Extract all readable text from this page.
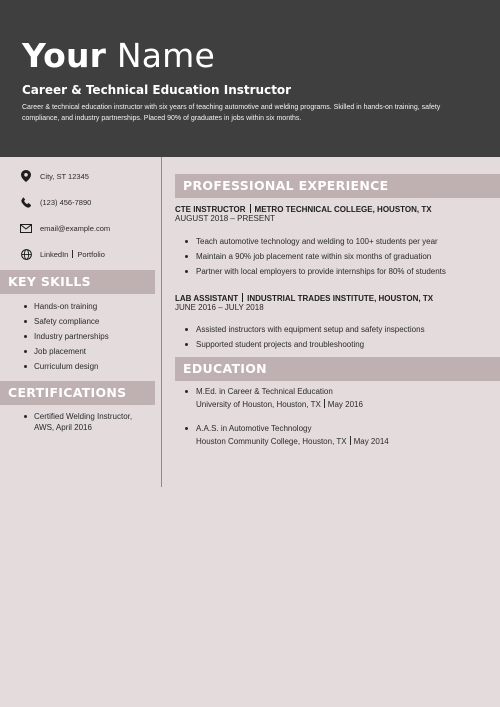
Your Name
Career & Technical Education Instructor
Career & technical education instructor with six years of teaching automotive and welding programs. Skilled in hands-on training, safety compliance, and industry partnerships. Placed 90% of graduates in jobs within six months.
City, ST 12345
(123) 456-7890
email@example.com
LinkedIn Portfolio
KEY SKILLS
Hands-on training
Safety compliance
Industry partnerships
Job placement
Curriculum design
CERTIFICATIONS
Certified Welding Instructor, AWS, April 2016
PROFESSIONAL EXPERIENCE
CTE INSTRUCTOR METRO TECHNICAL COLLEGE, HOUSTON, TX
AUGUST 2018 – PRESENT
Teach automotive technology and welding to 100+ students per year
Maintain a 90% job placement rate within six months of graduation
Partner with local employers to provide internships for 80% of students
LAB ASSISTANT INDUSTRIAL TRADES INSTITUTE, HOUSTON, TX
JUNE 2016 – JULY 2018
Assisted instructors with equipment setup and safety inspections
Supported student projects and troubleshooting
EDUCATION
M.Ed. in Career & Technical Education
University of Houston, Houston, TX May 2016
A.A.S. in Automotive Technology
Houston Community College, Houston, TX May 2014
